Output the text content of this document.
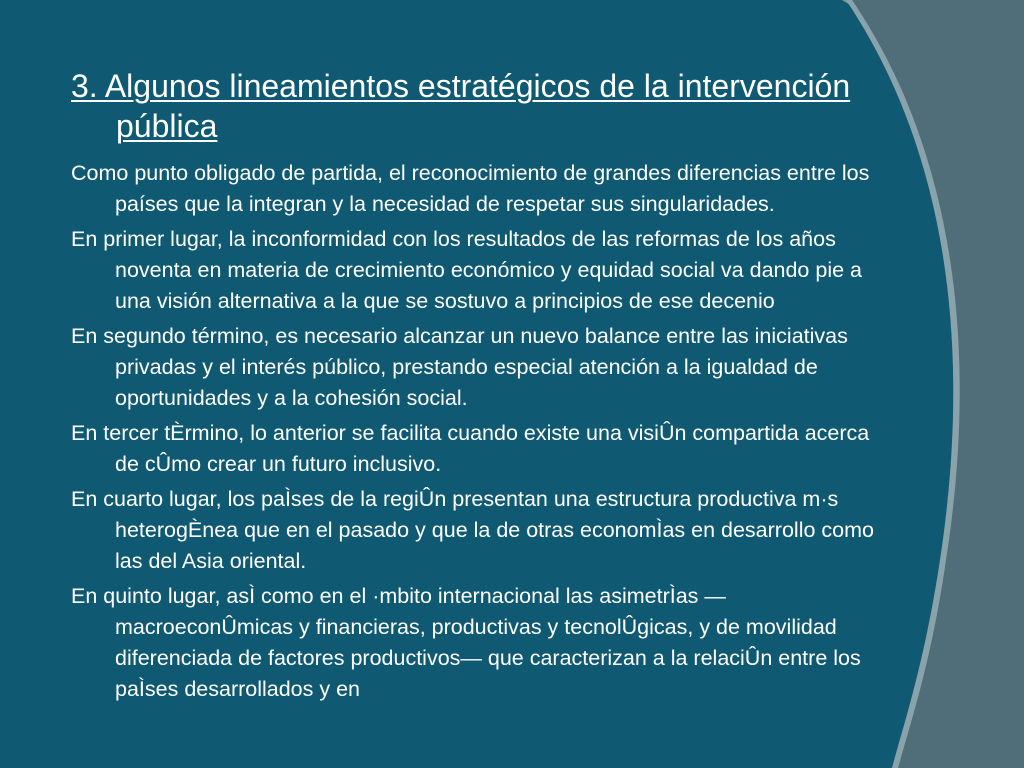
3. Algunos lineamientos estratégicos de la intervención pública
Como punto obligado de partida, el reconocimiento de grandes diferencias entre los países que la integran y la necesidad de respetar sus singularidades.
En primer lugar, la inconformidad con los resultados de las reformas de los años noventa en materia de crecimiento económico y equidad social va dando pie a una visión alternativa a la que se sostuvo a principios de ese decenio
En segundo término, es necesario alcanzar un nuevo balance entre las iniciativas privadas y el interés público, prestando especial atención a la igualdad de oportunidades y a la cohesión social.
En tercer tÈrmino, lo anterior se facilita cuando existe una visiÛn compartida acerca de cÛmo crear un futuro inclusivo.
En cuarto lugar, los paÌses de la regiÛn presentan una estructura productiva m·s heterogÈnea que en el pasado y que la de otras economÌas en desarrollo como las del Asia oriental.
En quinto lugar, asÌ como en el ·mbito internacional las asimetrÌas —macroeconÛmicas y financieras, productivas y tecnolÛgicas, y de movilidad diferenciada de factores productivos— que caracterizan a la relaciÛn entre los paÌses desarrollados y en
